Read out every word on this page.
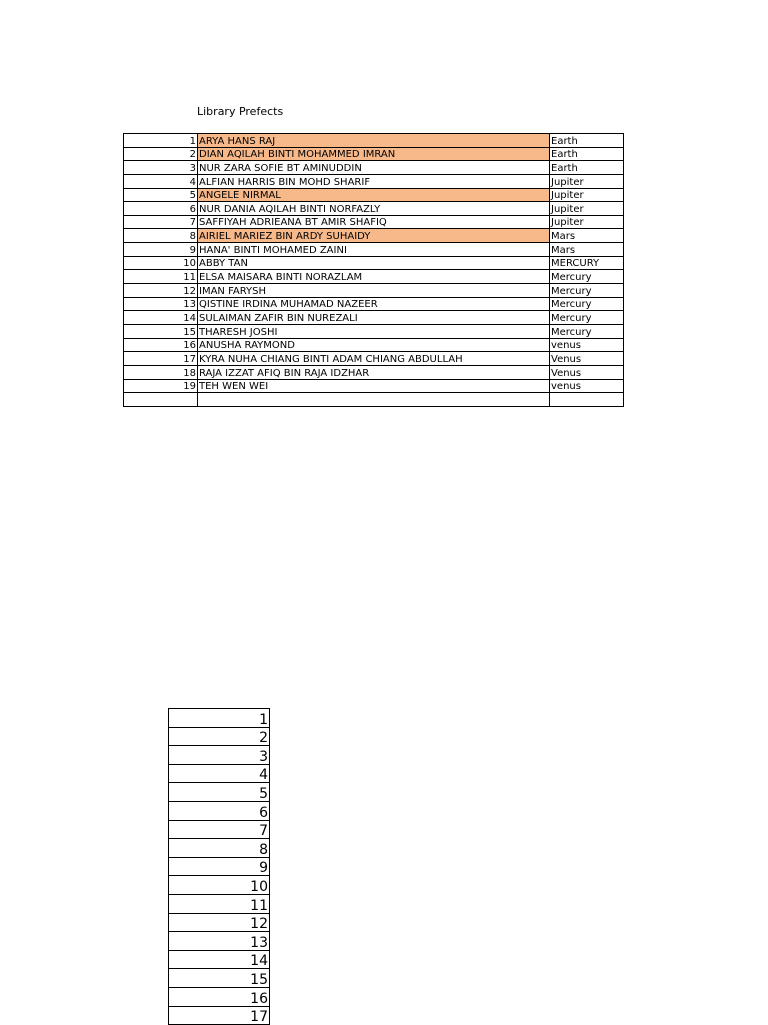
Library Prefects
1	ARYA HANS RAJ	Earth
2	DIAN AQILAH BINTI MOHAMMED IMRAN	Earth
3	NUR ZARA SOFIE BT AMINUDDIN	Earth
4	ALFIAN HARRIS BIN MOHD SHARIF	Jupiter
5	ANGELE NIRMAL	Jupiter
6	NUR DANIA AQILAH BINTI NORFAZLY	Jupiter
7	SAFFIYAH ADRIEANA BT AMIR SHAFIQ	Jupiter
8	AIRIEL MARIEZ BIN ARDY SUHAIDY	Mars
9	HANA' BINTI MOHAMED ZAINI	Mars
10	ABBY TAN	MERCURY
11	ELSA MAISARA BINTI NORAZLAM	Mercury
12	IMAN FARYSH	Mercury
13	QISTINE IRDINA MUHAMAD NAZEER	Mercury
14	SULAIMAN ZAFIR BIN NUREZALI	Mercury
15	THARESH JOSHI	Mercury
16	ANUSHA RAYMOND	venus
17	KYRA NUHA CHIANG BINTI ADAM CHIANG ABDULLAH	Venus
18	RAJA IZZAT AFIQ BIN RAJA IDZHAR	Venus
19	TEH WEN WEI	venus

1
2
3
4
5
6
7
8
9
10
11
12
13
14
15
16
17
